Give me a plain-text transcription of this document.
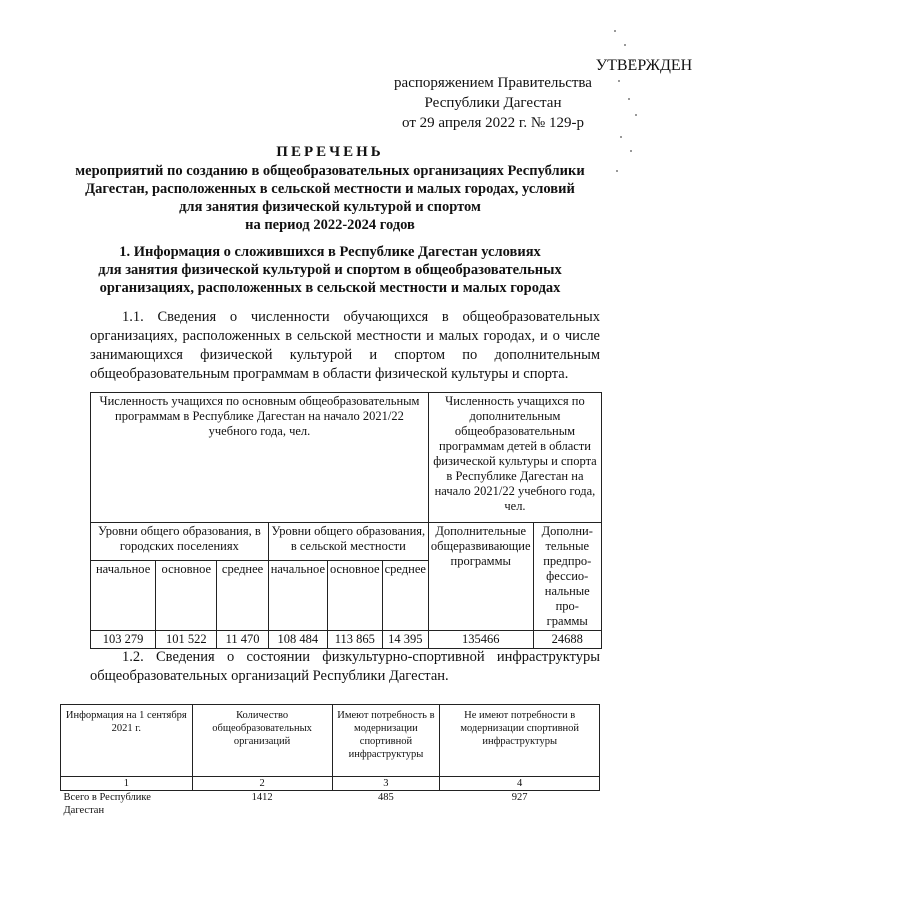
УТВЕРЖДЕН
распоряжением Правительства
Республики Дагестан
от 29 апреля 2022 г. № 129-р
ПЕРЕЧЕНЬ
мероприятий по созданию в общеобразовательных организациях Республики
Дагестан, расположенных в сельской местности и малых городах, условий
для занятия физической культурой и спортом
на период 2022-2024 годов
1. Информация о сложившихся в Республике Дагестан условиях
для занятия физической культурой и спортом в общеобразовательных
организациях, расположенных в сельской местности и малых городах
1.1. Сведения о численности обучающихся в общеобразовательных
организациях, расположенных в сельской местности и малых городах, и о числе
занимающихся физической культурой и спортом по дополнительным
общеобразовательным программам в области физической культуры и спорта.
Численность учащихся по основным общеобразовательным программам в Республике Дагестан на начало 2021/22 учебного года, чел.						Численность учащихся по дополнительным общеобразовательным программам детей в области физической культуры и спорта в Республике Дагестан на начало 2021/22 учебного года, чел.	
Уровни общего образования, в городских поселениях			Уровни общего образования, в сельской местности			Дополнительные общеразвивающие программы	Дополни-тельные предпро-фессио-нальные про-граммы
начальное	основное	среднее	начальное	основное	среднее		
103 279	101 522	11 470	108 484	113 865	14 395	135466	24688
1.2. Сведения о состоянии физкультурно-спортивной инфраструктуры
общеобразовательных организаций Республики Дагестан.
Информация на 1 сентября 2021 г.	Количество общеобразовательных организаций	Имеют потребность в модернизации спортивной инфраструктуры	Не имеют потребности в модернизации спортивной инфраструктуры
1	2	3	4
Всего в Республике Дагестан	1412	485	927
